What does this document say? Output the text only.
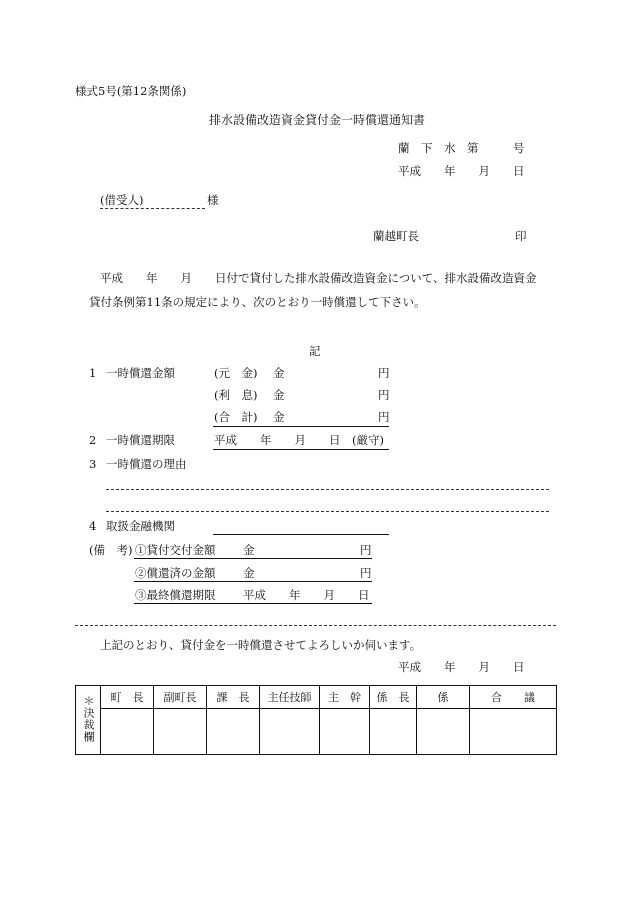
様式5号(第12条関係)
排水設備改造資金貸付金一時償還通知書
蘭　下　水　第　　　号
平成　　年　　月　　日
(借受人)	様
蘭越町長	印
平成　　年　　月　　日付で貸付した排水設備改造資金について、排水設備改造資金
貸付条例第11条の規定により、次のとおり一時償還して下さい。
記
1 一時償還金額	(元　金) 金	円
(利　息) 金	円
(合　計) 金	円
2 一時償還期限	平成　　年　　月　　日　(厳守)
3 一時償還の理由
4 取扱金融機関
(備　考) ①貸付交付金額 金	円
②償還済の金額 金	円
③最終償還期限 平成　　年　　月　　日
上記のとおり、貸付金を一時償還させてよろしいか伺います。
平成　　年　　月　　日
＊決裁欄	町　長	副町長	課　長	主任技師	主　幹	係　長	係	合　　議
